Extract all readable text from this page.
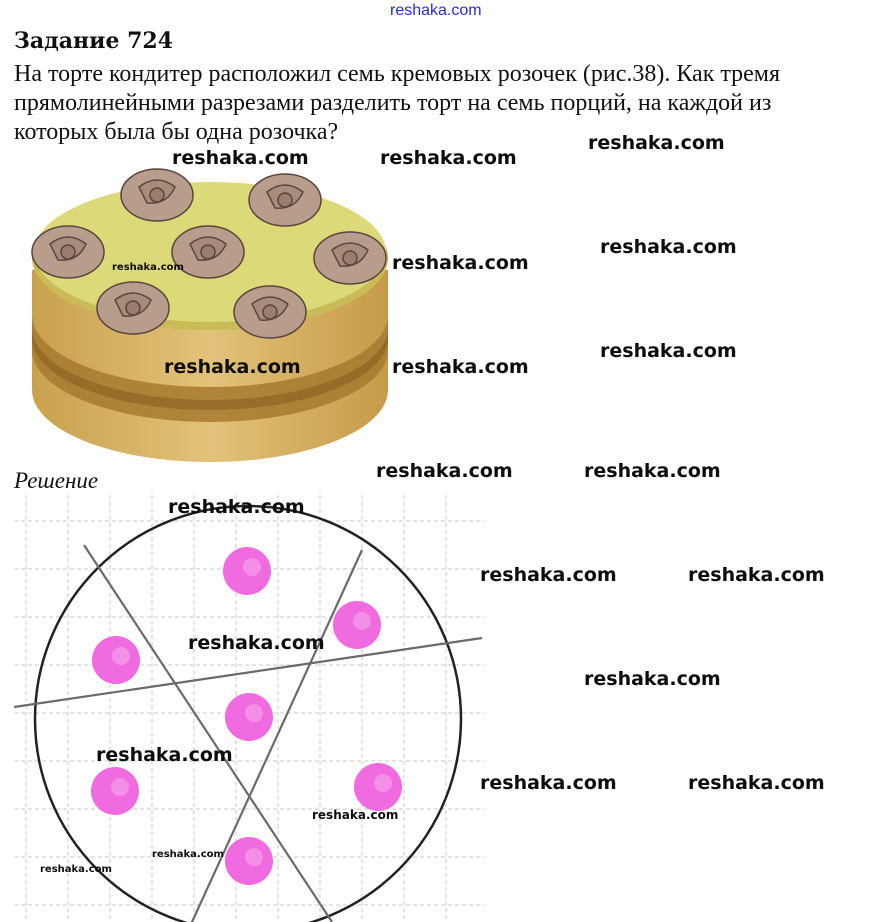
reshaka.com
Задание 724
На торте кондитер расположил семь кремовых розочек (рис.38). Как тремя
прямолинейными разрезами разделить торт на семь порций, на каждой из
которых была бы одна розочка?
Решение
reshaka.com	reshaka.com
reshaka.com
reshaka.com	reshaka.com
reshaka.com
reshaka.com	reshaka.com
reshaka.com
reshaka.com	reshaka.com
reshaka.com
reshaka.com	reshaka.com
reshaka.com
reshaka.com
reshaka.com
reshaka.com	reshaka.com
reshaka.com
reshaka.com
reshaka.com
